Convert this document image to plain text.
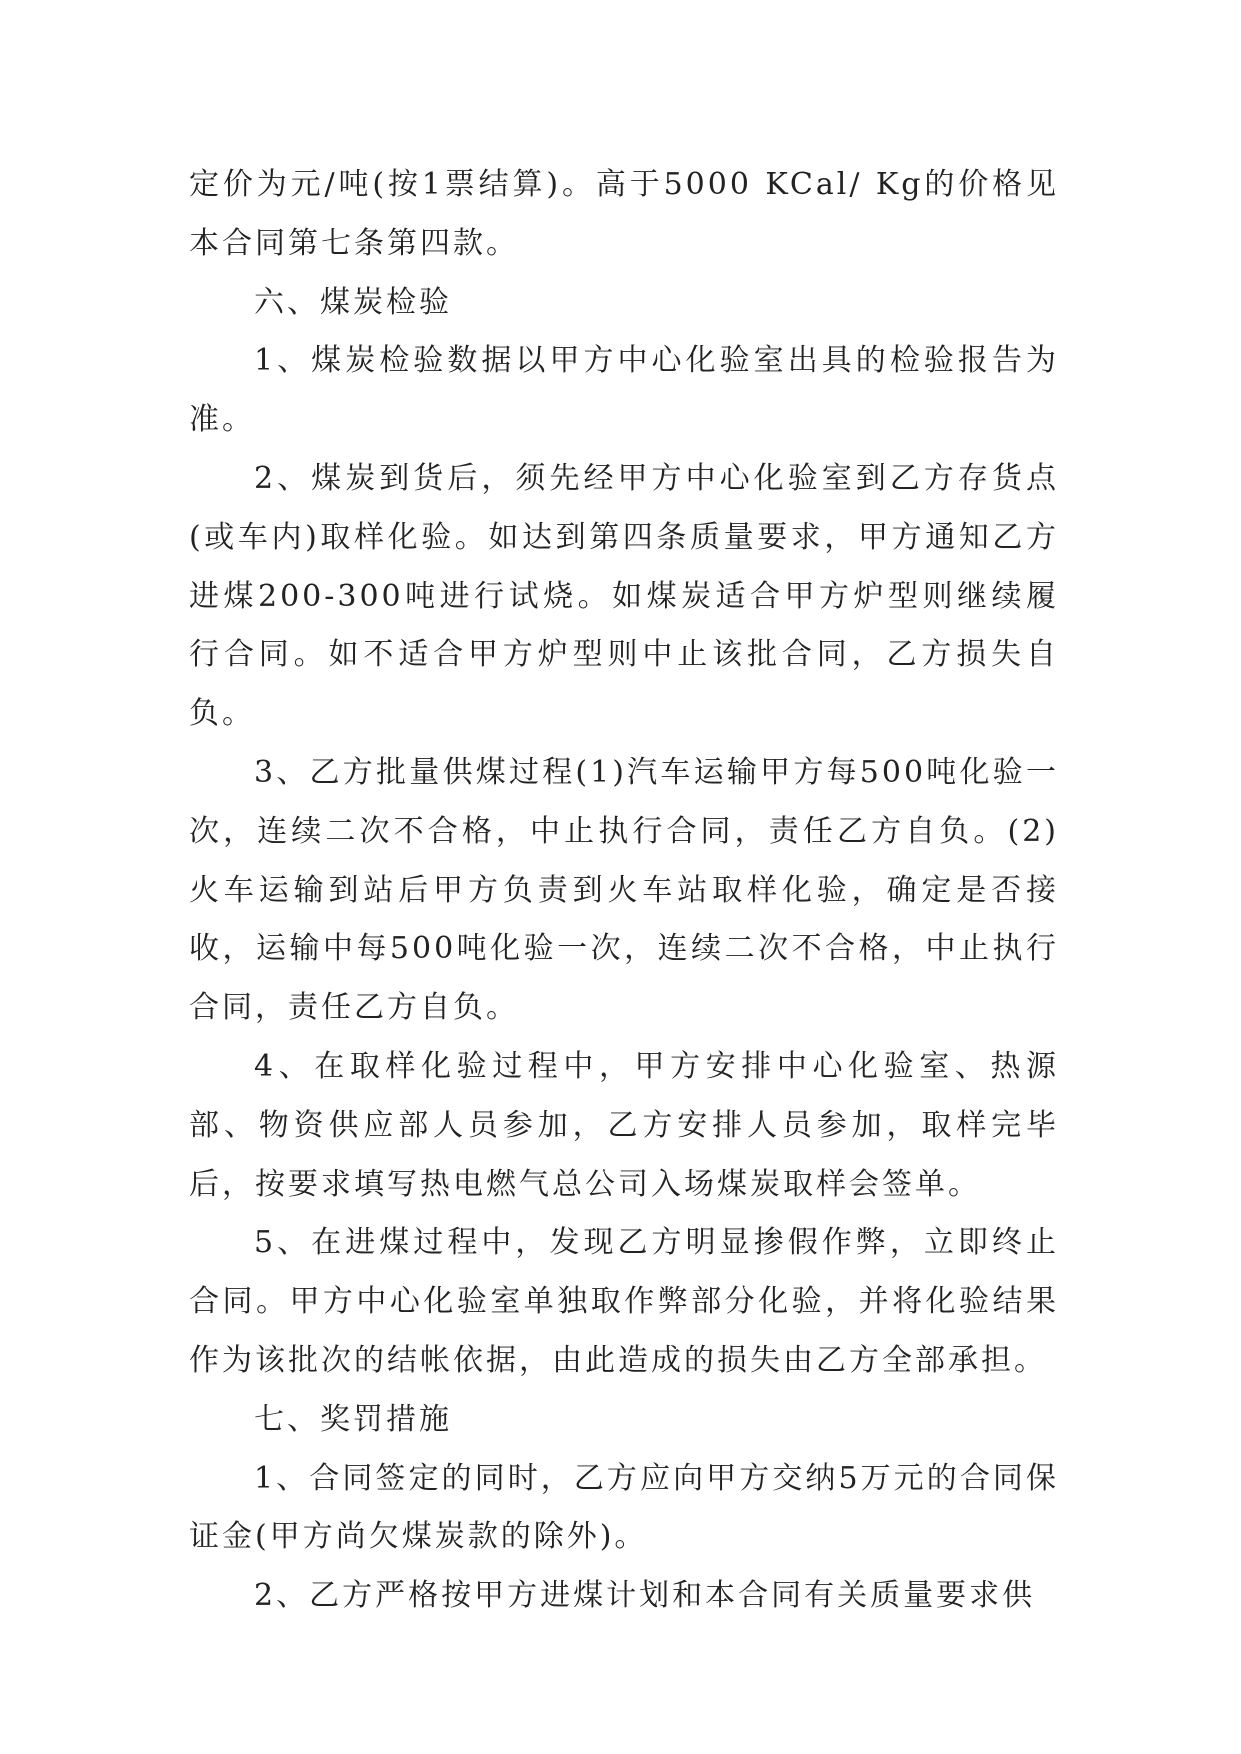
定价为元/吨(按1票结算)。高于5000 KCal/ Kg的价格见本合同第七条第四款。

六、煤炭检验

1、煤炭检验数据以甲方中心化验室出具的检验报告为准。

2、煤炭到货后，须先经甲方中心化验室到乙方存货点(或车内)取样化验。如达到第四条质量要求，甲方通知乙方进煤200-300吨进行试烧。如煤炭适合甲方炉型则继续履行合同。如不适合甲方炉型则中止该批合同，乙方损失自负。

3、乙方批量供煤过程(1)汽车运输甲方每500吨化验一次，连续二次不合格，中止执行合同，责任乙方自负。(2)火车运输到站后甲方负责到火车站取样化验，确定是否接收，运输中每500吨化验一次，连续二次不合格，中止执行合同，责任乙方自负。

4、在取样化验过程中，甲方安排中心化验室、热源部、物资供应部人员参加，乙方安排人员参加，取样完毕后，按要求填写热电燃气总公司入场煤炭取样会签单。

5、在进煤过程中，发现乙方明显掺假作弊，立即终止合同。甲方中心化验室单独取作弊部分化验，并将化验结果作为该批次的结帐依据，由此造成的损失由乙方全部承担。

七、奖罚措施

1、合同签定的同时，乙方应向甲方交纳5万元的合同保证金(甲方尚欠煤炭款的除外)。

2、乙方严格按甲方进煤计划和本合同有关质量要求供
